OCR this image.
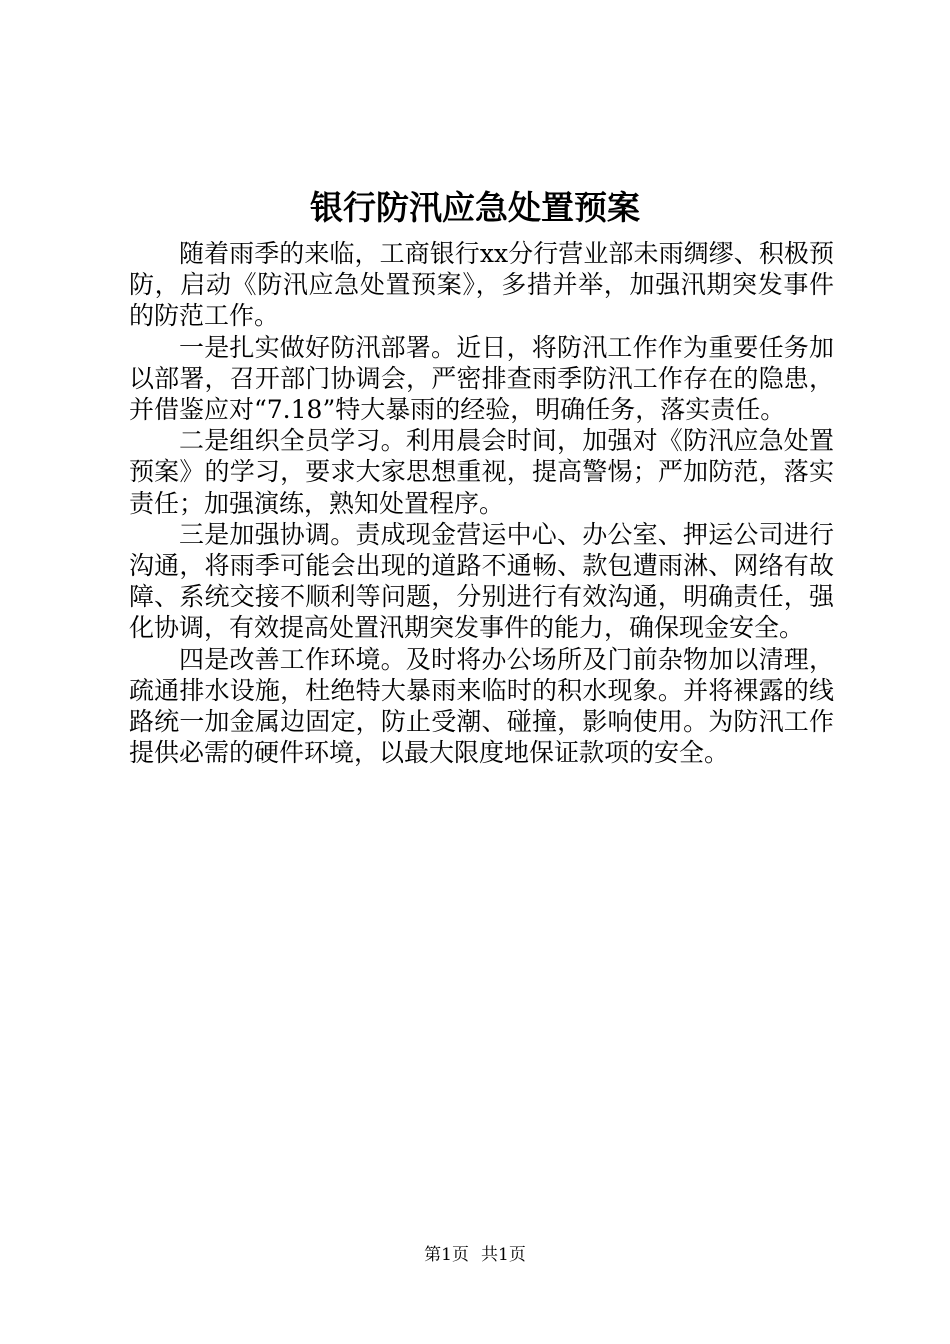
银行防汛应急处置预案

随着雨季的来临，工商银行xx分行营业部未雨绸缪、积极预防，启动《防汛应急处置预案》，多措并举，加强汛期突发事件的防范工作。

一是扎实做好防汛部署。近日，将防汛工作作为重要任务加以部署，召开部门协调会，严密排查雨季防汛工作存在的隐患，并借鉴应对“7.18”特大暴雨的经验，明确任务，落实责任。

二是组织全员学习。利用晨会时间，加强对《防汛应急处置预案》的学习，要求大家思想重视，提高警惕；严加防范，落实责任；加强演练，熟知处置程序。

三是加强协调。责成现金营运中心、办公室、押运公司进行沟通，将雨季可能会出现的道路不通畅、款包遭雨淋、网络有故障、系统交接不顺利等问题，分别进行有效沟通，明确责任，强化协调，有效提高处置汛期突发事件的能力，确保现金安全。

四是改善工作环境。及时将办公场所及门前杂物加以清理，疏通排水设施，杜绝特大暴雨来临时的积水现象。并将裸露的线路统一加金属边固定，防止受潮、碰撞，影响使用。为防汛工作提供必需的硬件环境，以最大限度地保证款项的安全。

第1页 共1页
